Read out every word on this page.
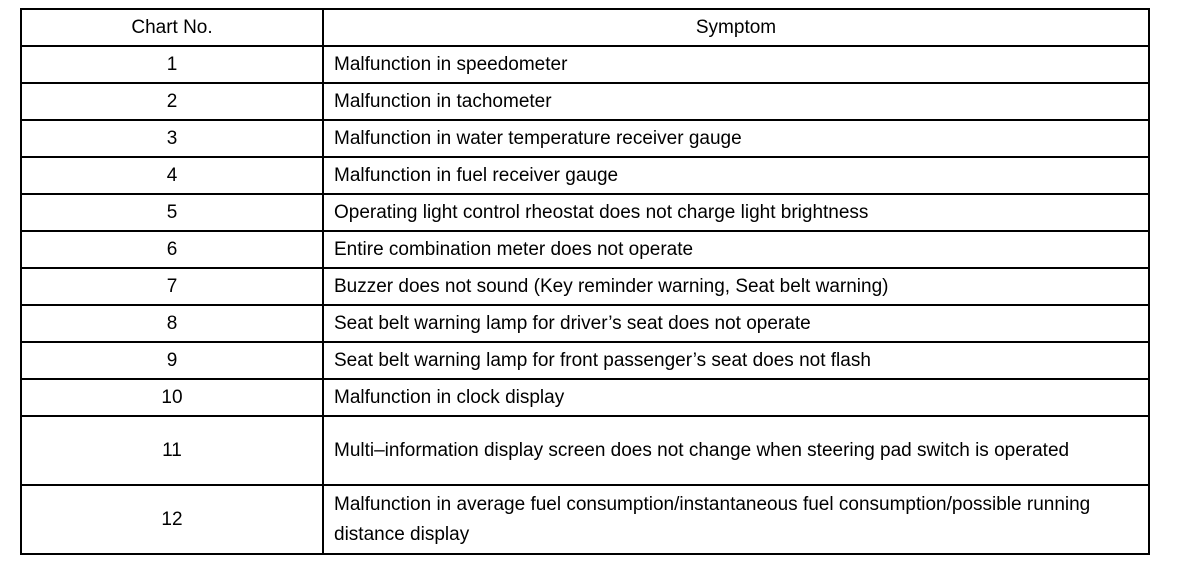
Chart No.	Symptom
1	Malfunction in speedometer
2	Malfunction in tachometer
3	Malfunction in water temperature receiver gauge
4	Malfunction in fuel receiver gauge
5	Operating light control rheostat does not charge light brightness
6	Entire combination meter does not operate
7	Buzzer does not sound (Key reminder warning, Seat belt warning)
8	Seat belt warning lamp for driver’s seat does not operate
9	Seat belt warning lamp for front passenger’s seat does not flash
10	Malfunction in clock display
11	Multi–information display screen does not change when steering pad switch is operated
12	Malfunction in average fuel consumption/instantaneous fuel consumption/possible running distance display
